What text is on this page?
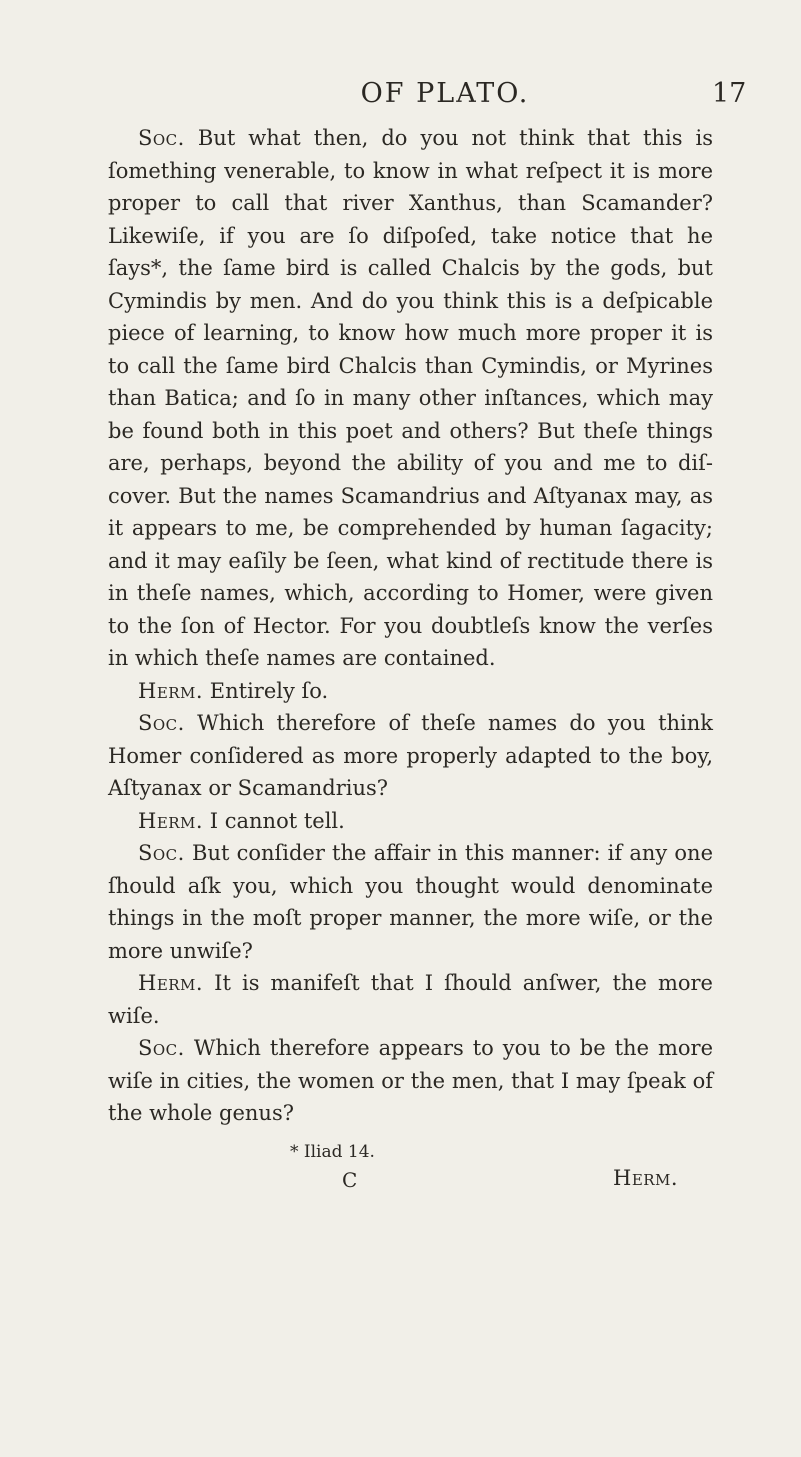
OF PLATO.	17

Soc. But what then, do you not think that this is ſomething venerable, to know in what reſpect it is more proper to call that river Xanthus, than Scamander? Likewiſe, if you are ſo diſpoſed, take notice that he ſays*, the ſame bird is called Chalcis by the gods, but Cymindis by men. And do you think this is a deſpicable piece of learning, to know how much more proper it is to call the ſame bird Chalcis than Cymindis, or Myrines than Batica; and ſo in many other inſtances, which may be found both in this poet and others? But theſe things are, perhaps, beyond the ability of you and me to diſ-cover. But the names Scamandrius and Aſtyanax may, as it appears to me, be comprehended by human ſagacity; and it may eaſily be ſeen, what kind of rectitude there is in theſe names, which, according to Homer, were given to the ſon of Hector. For you doubtleſs know the verſes in which theſe names are contained.

Herm. Entirely ſo.

Soc. Which therefore of theſe names do you think Homer conſidered as more properly adapted to the boy, Aſtyanax or Scamandrius?

Herm. I cannot tell.

Soc. But conſider the affair in this manner: if any one ſhould aſk you, which you thought would denominate things in the moſt proper manner, the more wiſe, or the more unwiſe?

Herm. It is manifeſt that I ſhould anſwer, the more wiſe.

Soc. Which therefore appears to you to be the more wiſe in cities, the women or the men, that I may ſpeak of the whole genus?

* Iliad 14.
C	Herm.
